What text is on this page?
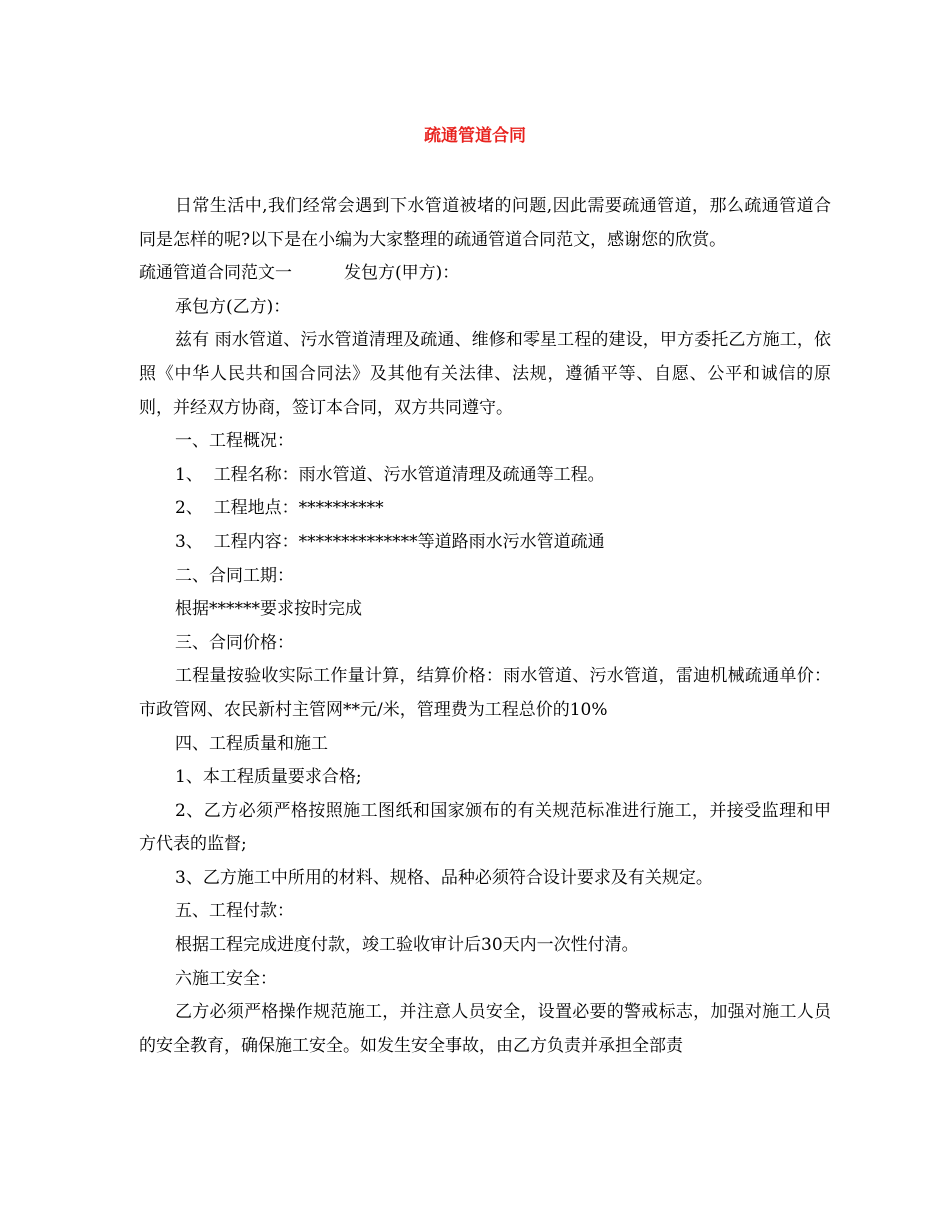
疏通管道合同

日常生活中,我们经常会遇到下水管道被堵的问题,因此需要疏通管道，那么疏通管道合同是怎样的呢?以下是在小编为大家整理的疏通管道合同范文，感谢您的欣赏。

疏通管道合同范文一	发包方(甲方)：

承包方(乙方)：

兹有 雨水管道、污水管道清理及疏通、维修和零星工程的建设，甲方委托乙方施工，依照《中华人民共和国合同法》及其他有关法律、法规，遵循平等、自愿、公平和诚信的原则，并经双方协商，签订本合同，双方共同遵守。

一、工程概况：

1、  工程名称：雨水管道、污水管道清理及疏通等工程。

2、  工程地点：**********

3、  工程内容：**************等道路雨水污水管道疏通

二、合同工期：

根据******要求按时完成

三、合同价格：

工程量按验收实际工作量计算，结算价格：雨水管道、污水管道，雷迪机械疏通单价：市政管网、农民新村主管网**元/米，管理费为工程总价的10%

四、工程质量和施工

1、本工程质量要求合格;

2、乙方必须严格按照施工图纸和国家颁布的有关规范标准进行施工，并接受监理和甲方代表的监督;

3、乙方施工中所用的材料、规格、品种必须符合设计要求及有关规定。

五、工程付款：

根据工程完成进度付款，竣工验收审计后30天内一次性付清。

六施工安全：

乙方必须严格操作规范施工，并注意人员安全，设置必要的警戒标志，加强对施工人员的安全教育，确保施工安全。如发生安全事故，由乙方负责并承担全部责
